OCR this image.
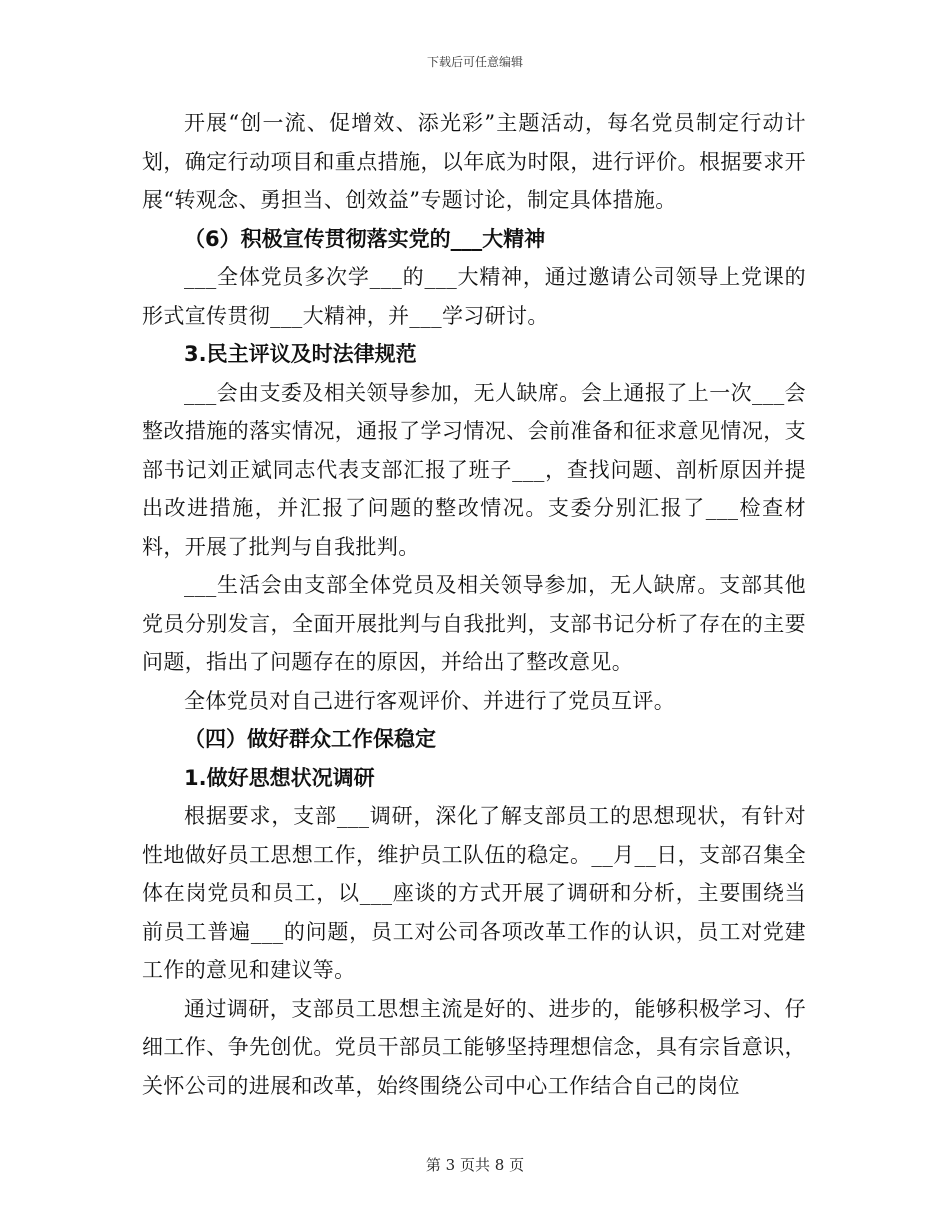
下载后可任意编辑

开展“创一流、促增效、添光彩”主题活动，每名党员制定行动计划，确定行动项目和重点措施，以年底为时限，进行评价。根据要求开展“转观念、勇担当、创效益”专题讨论，制定具体措施。

（6）积极宣传贯彻落实党的___大精神

___全体党员多次学___的___大精神，通过邀请公司领导上党课的形式宣传贯彻___大精神，并___学习研讨。

3.民主评议及时法律规范

___会由支委及相关领导参加，无人缺席。会上通报了上一次___会整改措施的落实情况，通报了学习情况、会前准备和征求意见情况，支部书记刘正斌同志代表支部汇报了班子___，查找问题、剖析原因并提出改进措施，并汇报了问题的整改情况。支委分别汇报了___检查材料，开展了批判与自我批判。

___生活会由支部全体党员及相关领导参加，无人缺席。支部其他党员分别发言，全面开展批判与自我批判，支部书记分析了存在的主要问题，指出了问题存在的原因，并给出了整改意见。

全体党员对自己进行客观评价、并进行了党员互评。

（四）做好群众工作保稳定
1.做好思想状况调研

根据要求，支部___调研，深化了解支部员工的思想现状，有针对性地做好员工思想工作，维护员工队伍的稳定。__月__日，支部召集全体在岗党员和员工，以___座谈的方式开展了调研和分析，主要围绕当前员工普遍___的问题，员工对公司各项改革工作的认识，员工对党建工作的意见和建议等。

通过调研，支部员工思想主流是好的、进步的，能够积极学习、仔细工作、争先创优。党员干部员工能够坚持理想信念，具有宗旨意识，关怀公司的进展和改革，始终围绕公司中心工作结合自己的岗位

第 3 页共 8 页
